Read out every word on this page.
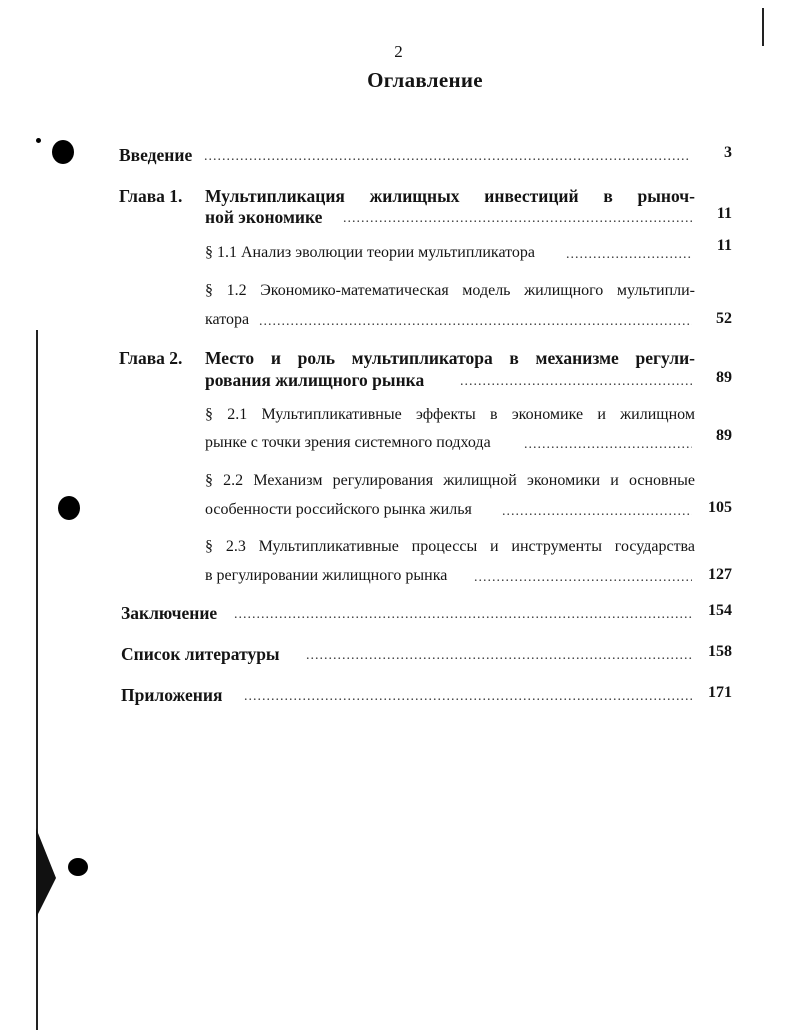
2
Оглавление
Введение .....	3
Глава 1. Мультипликация жилищных инвестиций в рыноч-
ной экономике .....	11
§ 1.1 Анализ эволюции теории мультипликатора .....	11
§ 1.2 Экономико-математическая модель жилищного мультипли-
катора .....	52
Глава 2. Место и роль мультипликатора в механизме регули-
рования жилищного рынка .....	89
§ 2.1 Мультипликативные эффекты в экономике и жилищном
рынке с точки зрения системного подхода .....	89
§ 2.2 Механизм регулирования жилищной экономики и основные
особенности российского рынка жилья .....	105
§ 2.3 Мультипликативные процессы и инструменты государства
в регулировании жилищного рынка .....	127
Заключение .....	154
Список литературы .....	158
Приложения .....	171
